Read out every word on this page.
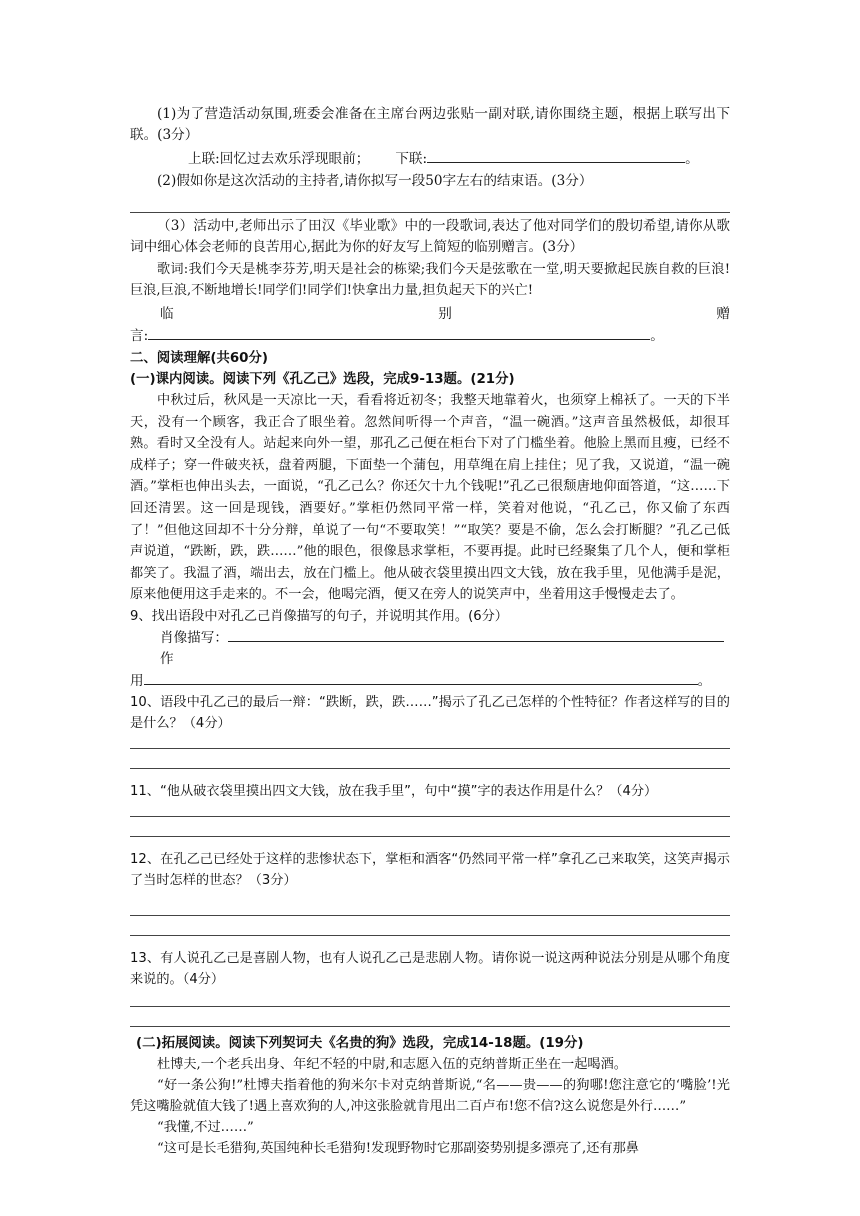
(1)为了营造活动氛围,班委会准备在主席台两边张贴一副对联,请你围绕主题，根据上联写出下联。(3分）

上联:回忆过去欢乐浮现眼前； 下联:	。

(2)假如你是这次活动的主持者,请你拟写一段50字左右的结束语。(3分）

（3）活动中,老师出示了田汉《毕业歌》中的一段歌词,表达了他对同学们的殷切希望,请你从歌词中细心体会老师的良苦用心,据此为你的好友写上简短的临别赠言。(3分）

歌词:我们今天是桃李芬芳,明天是社会的栋梁;我们今天是弦歌在一堂,明天要掀起民族自救的巨浪!巨浪,巨浪,不断地增长!同学们!同学们!快拿出力量,担负起天下的兴亡!

临	别	赠

言:	。

二、阅读理解(共60分)

(一)课内阅读。阅读下列《孔乙己》选段，完成9-13题。(21分)

中秋过后，秋风是一天凉比一天，看看将近初冬；我整天地靠着火，也须穿上棉袄了。一天的下半天，没有一个顾客，我正合了眼坐着。忽然间听得一个声音，“温一碗酒。”这声音虽然极低，却很耳熟。看时又全没有人。站起来向外一望，那孔乙己便在柜台下对了门槛坐着。他脸上黑而且瘦，已经不成样子；穿一件破夹袄，盘着两腿，下面垫一个蒲包，用草绳在肩上挂住；见了我，又说道，“温一碗酒。”掌柜也伸出头去，一面说，“孔乙己么？你还欠十九个钱呢!”孔乙己很颓唐地仰面答道，“这……下回还清罢。这一回是现钱，酒要好。”掌柜仍然同平常一样，笑着对他说，“孔乙己，你又偷了东西了！”但他这回却不十分分辩，单说了一句“不要取笑！”“取笑？要是不偷，怎么会打断腿？”孔乙己低声说道，“跌断，跌，跌……”他的眼色，很像恳求掌柜，不要再提。此时已经聚集了几个人，便和掌柜都笑了。我温了酒，端出去，放在门槛上。他从破衣袋里摸出四文大钱，放在我手里，见他满手是泥，原来他便用这手走来的。不一会，他喝完酒，便又在旁人的说笑声中，坐着用这手慢慢走去了。

9、找出语段中对孔乙己肖像描写的句子，并说明其作用。(6分）

肖像描写：

作

用	。

10、语段中孔乙己的最后一辩：“跌断，跌，跌……”揭示了孔乙己怎样的个性特征？作者这样写的目的是什么？（4分）

11、“他从破衣袋里摸出四文大钱，放在我手里”，句中“摸”字的表达作用是什么？（4分）

12、在孔乙己已经处于这样的悲惨状态下，掌柜和酒客“仍然同平常一样”拿孔乙己来取笑，这笑声揭示了当时怎样的世态？（3分）

13、有人说孔乙己是喜剧人物，也有人说孔乙己是悲剧人物。请你说一说这两种说法分别是从哪个角度来说的。（4分）

(二)拓展阅读。阅读下列契诃夫《名贵的狗》选段，完成14-18题。(19分)

杜博夫,一个老兵出身、年纪不轻的中尉,和志愿入伍的克纳普斯正坐在一起喝酒。

“好一条公狗!”杜博夫指着他的狗米尔卡对克纳普斯说,“名——贵——的狗哪!您注意它的‘嘴脸’!光凭这嘴脸就值大钱了!遇上喜欢狗的人,冲这张脸就肯甩出二百卢布!您不信?这么说您是外行……”

“我懂,不过……”

“这可是长毛猎狗,英国纯种长毛猎狗!发现野物时它那副姿势别提多漂亮了,还有那鼻
